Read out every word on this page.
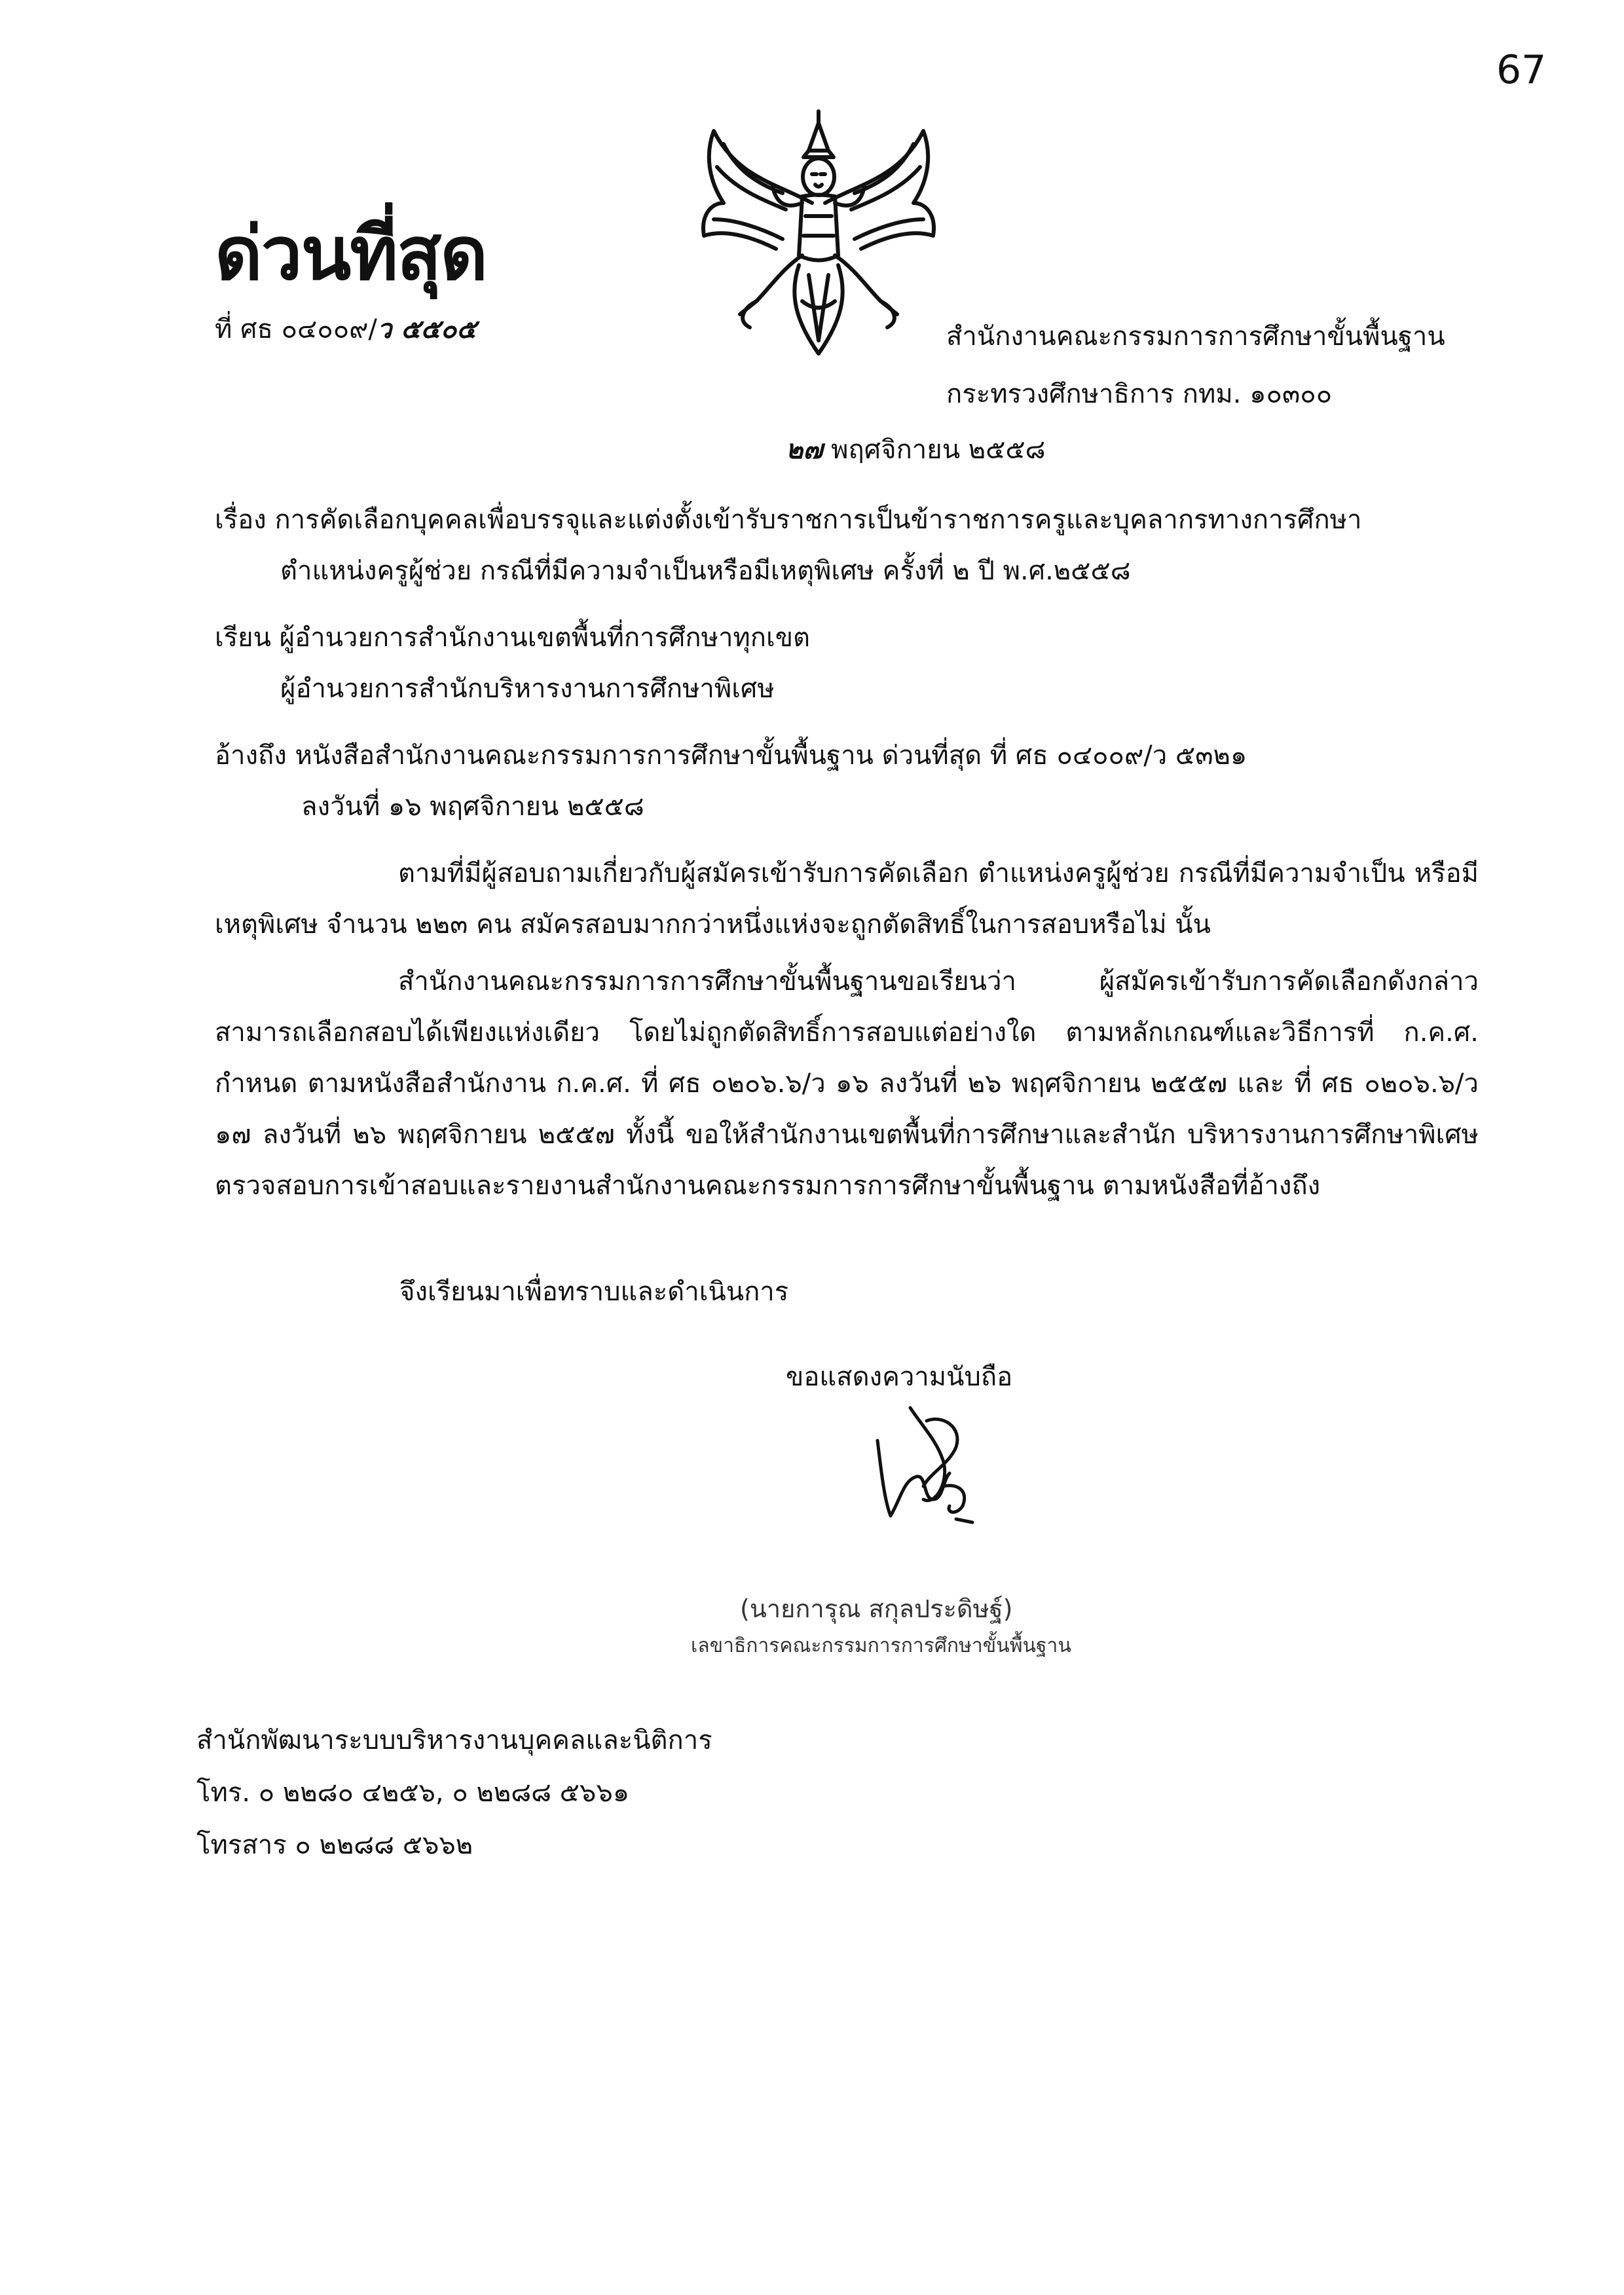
67
ด่วนที่สุด
ที่ ศธ ๐๔๐๐๙/ว ๕๕๐๕	สำนักงานคณะกรรมการการศึกษาขั้นพื้นฐาน
กระทรวงศึกษาธิการ กทม. ๑๐๓๐๐
๒๗ พฤศจิกายน ๒๕๕๘
เรื่อง การคัดเลือกบุคคลเพื่อบรรจุและแต่งตั้งเข้ารับราชการเป็นข้าราชการครูและบุคลากรทางการศึกษา
ตำแหน่งครูผู้ช่วย กรณีที่มีความจำเป็นหรือมีเหตุพิเศษ ครั้งที่ ๒ ปี พ.ศ.๒๕๕๘
เรียน ผู้อำนวยการสำนักงานเขตพื้นที่การศึกษาทุกเขต
ผู้อำนวยการสำนักบริหารงานการศึกษาพิเศษ
อ้างถึง หนังสือสำนักงานคณะกรรมการการศึกษาขั้นพื้นฐาน ด่วนที่สุด ที่ ศธ ๐๔๐๐๙/ว ๕๓๒๑
ลงวันที่ ๑๖ พฤศจิกายน ๒๕๕๘
ตามที่มีผู้สอบถามเกี่ยวกับผู้สมัครเข้ารับการคัดเลือก ตำแหน่งครูผู้ช่วย กรณีที่มีความจำเป็น หรือมีเหตุพิเศษ จำนวน ๒๒๓ คน สมัครสอบมากกว่าหนึ่งแห่งจะถูกตัดสิทธิ์ในการสอบหรือไม่ นั้น
สำนักงานคณะกรรมการการศึกษาขั้นพื้นฐานขอเรียนว่า ผู้สมัครเข้ารับการคัดเลือกดังกล่าว สามารถเลือกสอบได้เพียงแห่งเดียว โดยไม่ถูกตัดสิทธิ์การสอบแต่อย่างใด ตามหลักเกณฑ์และวิธีการที่ ก.ค.ศ. กำหนด ตามหนังสือสำนักงาน ก.ค.ศ. ที่ ศธ ๐๒๐๖.๖/ว ๑๖ ลงวันที่ ๒๖ พฤศจิกายน ๒๕๕๗ และ ที่ ศธ ๐๒๐๖.๖/ว ๑๗ ลงวันที่ ๒๖ พฤศจิกายน ๒๕๕๗ ทั้งนี้ ขอให้สำนักงานเขตพื้นที่การศึกษาและสำนัก บริหารงานการศึกษาพิเศษตรวจสอบการเข้าสอบและรายงานสำนักงานคณะกรรมการการศึกษาขั้นพื้นฐาน ตามหนังสือที่อ้างถึง
จึงเรียนมาเพื่อทราบและดำเนินการ
ขอแสดงความนับถือ
(นายการุณ สกุลประดิษฐ์)
เลขาธิการคณะกรรมการการศึกษาขั้นพื้นฐาน
สำนักพัฒนาระบบบริหารงานบุคคลและนิติการ
โทร. ๐ ๒๒๘๐ ๔๒๕๖, ๐ ๒๒๘๘ ๕๖๖๑
โทรสาร ๐ ๒๒๘๘ ๕๖๖๒
